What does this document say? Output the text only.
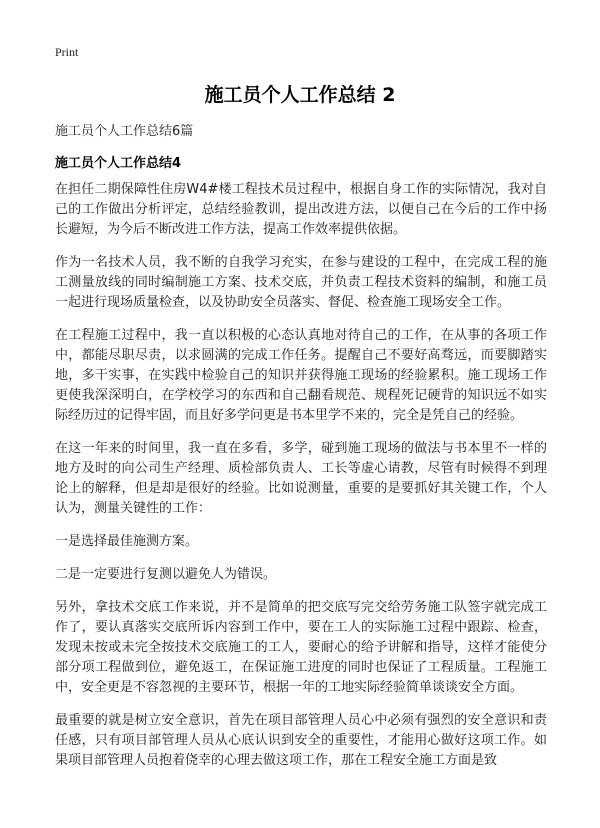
Print
施工员个人工作总结 2
施工员个人工作总结6篇
施工员个人工作总结4

在担任二期保障性住房W4#楼工程技术员过程中，根据自身工作的实际情况，我对自己的工作做出分析评定，总结经验教训，提出改进方法，以便自己在今后的工作中扬长避短，为今后不断改进工作方法，提高工作效率提供依据。

作为一名技术人员，我不断的自我学习充实，在参与建设的工程中，在完成工程的施工测量放线的同时编制施工方案、技术交底，并负责工程技术资料的编制，和施工员一起进行现场质量检查，以及协助安全员落实、督促、检查施工现场安全工作。

在工程施工过程中，我一直以积极的心态认真地对待自己的工作，在从事的各项工作中，都能尽职尽责，以求圆满的完成工作任务。提醒自己不要好高骛远，而要脚踏实地，多干实事，在实践中检验自己的知识并获得施工现场的经验累积。施工现场工作更使我深深明白，在学校学习的东西和自己翻看规范、规程死记硬背的知识远不如实际经历过的记得牢固，而且好多学问更是书本里学不来的，完全是凭自己的经验。

在这一年来的时间里，我一直在多看，多学，碰到施工现场的做法与书本里不一样的地方及时的向公司生产经理、质检部负责人、工长等虚心请教，尽管有时候得不到理论上的解释，但是却是很好的经验。比如说测量，重要的是要抓好其关键工作，个人认为，测量关键性的工作：

一是选择最佳施测方案。

二是一定要进行复测以避免人为错误。

另外，拿技术交底工作来说，并不是简单的把交底写完交给劳务施工队签字就完成工作了，要认真落实交底所诉内容到工作中，要在工人的实际施工过程中跟踪、检查，发现未按或未完全按技术交底施工的工人，要耐心的给予讲解和指导，这样才能使分部分项工程做到位，避免返工，在保证施工进度的同时也保证了工程质量。工程施工中，安全更是不容忽视的主要环节，根据一年的工地实际经验简单谈谈安全方面。

最重要的就是树立安全意识，首先在项目部管理人员心中必须有强烈的安全意识和责任感，只有项目部管理人员从心底认识到安全的重要性，才能用心做好这项工作。如果项目部管理人员抱着侥幸的心理去做这项工作，那在工程安全施工方面是致
